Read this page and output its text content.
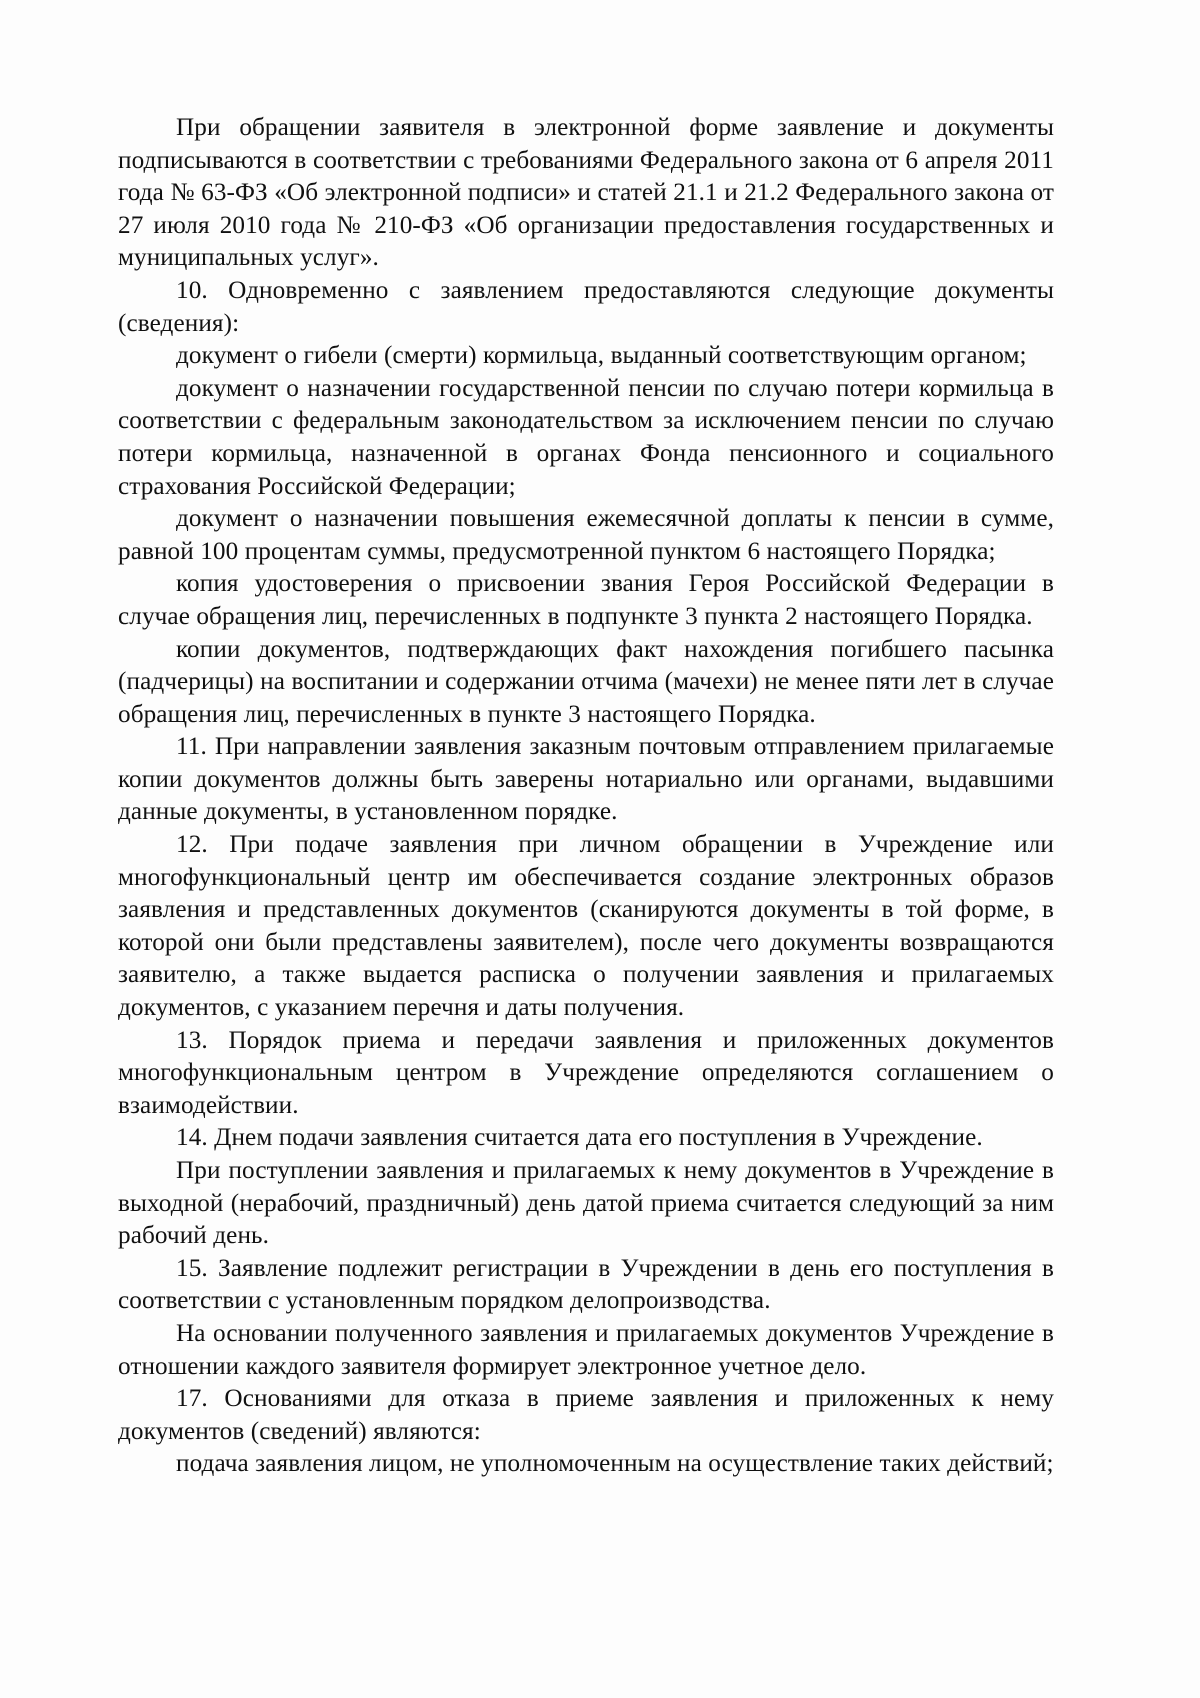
При обращении заявителя в электронной форме заявление и документы подписываются в соответствии с требованиями Федерального закона от 6 апреля 2011 года № 63-ФЗ «Об электронной подписи» и статей 21.1 и 21.2 Федерального закона от 27 июля 2010 года № 210-ФЗ «Об организации предоставления государственных и муниципальных услуг».

10. Одновременно с заявлением предоставляются следующие документы (сведения):

документ о гибели (смерти) кормильца, выданный соответствующим органом;

документ о назначении государственной пенсии по случаю потери кормильца в соответствии с федеральным законодательством за исключением пенсии по случаю потери кормильца, назначенной в органах Фонда пенсионного и социального страхования Российской Федерации;

документ о назначении повышения ежемесячной доплаты к пенсии в сумме, равной 100 процентам суммы, предусмотренной пунктом 6 настоящего Порядка;

копия удостоверения о присвоении звания Героя Российской Федерации в случае обращения лиц, перечисленных в подпункте 3 пункта 2 настоящего Порядка.

копии документов, подтверждающих факт нахождения погибшего пасынка (падчерицы) на воспитании и содержании отчима (мачехи) не менее пяти лет в случае обращения лиц, перечисленных в пункте 3 настоящего Порядка.

11. При направлении заявления заказным почтовым отправлением прилагаемые копии документов должны быть заверены нотариально или органами, выдавшими данные документы, в установленном порядке.

12. При подаче заявления при личном обращении в Учреждение или многофункциональный центр им обеспечивается создание электронных образов заявления и представленных документов (сканируются документы в той форме, в которой они были представлены заявителем), после чего документы возвращаются заявителю, а также выдается расписка о получении заявления и прилагаемых документов, с указанием перечня и даты получения.

13. Порядок приема и передачи заявления и приложенных документов многофункциональным центром в Учреждение определяются соглашением о взаимодействии.

14. Днем подачи заявления считается дата его поступления в Учреждение.

При поступлении заявления и прилагаемых к нему документов в Учреждение в выходной (нерабочий, праздничный) день датой приема считается следующий за ним рабочий день.

15. Заявление подлежит регистрации в Учреждении в день его поступления в соответствии с установленным порядком делопроизводства.

На основании полученного заявления и прилагаемых документов Учреждение в отношении каждого заявителя формирует электронное учетное дело.

17. Основаниями для отказа в приеме заявления и приложенных к нему документов (сведений) являются:

подача заявления лицом, не уполномоченным на осуществление таких действий;
